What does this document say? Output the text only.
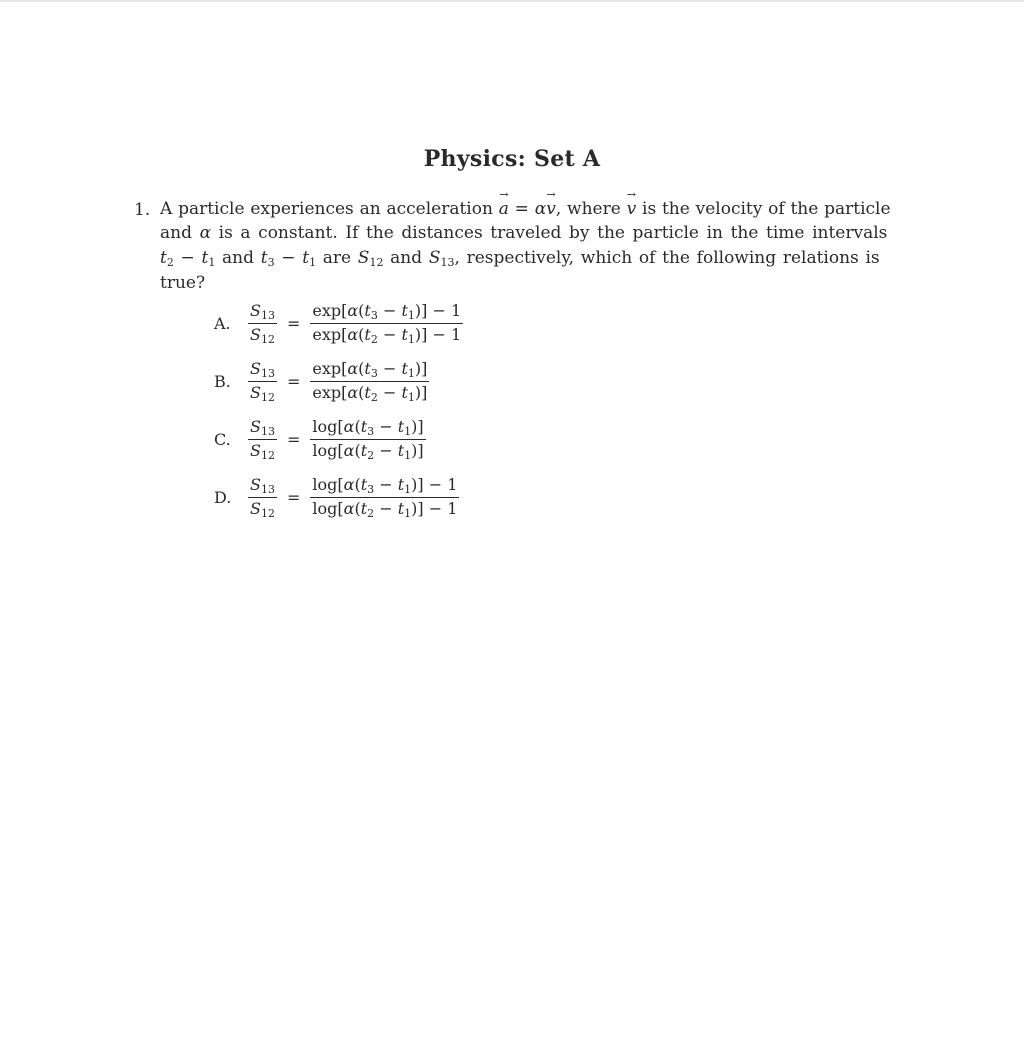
Physics: Set A
1. A particle experiences an acceleration → a = α→ v, where → v is the velocity of the particle
and α is a constant. If the distances traveled by the particle in the time intervals
$t_2 - t_1$ and $t_3 - t_1$ are $S_{12}$ and $S_{13}$, respectively, which of the following relations is
true?
A.	$\frac{S_{13}}{S_{12}} = \frac{\exp[\alpha(t_3 - t_1)] - 1}{\exp[\alpha(t_2 - t_1)] - 1}$
B.	$\frac{S_{13}}{S_{12}} = \frac{\exp[\alpha(t_3 - t_1)]}{\exp[\alpha(t_2 - t_1)]}$
C.	$\frac{S_{13}}{S_{12}} = \frac{\log[\alpha(t_3 - t_1)]}{\log[\alpha(t_2 - t_1)]}$
D.	$\frac{S_{13}}{S_{12}} = \frac{\log[\alpha(t_3 - t_1)] - 1}{\log[\alpha(t_2 - t_1)] - 1}$
